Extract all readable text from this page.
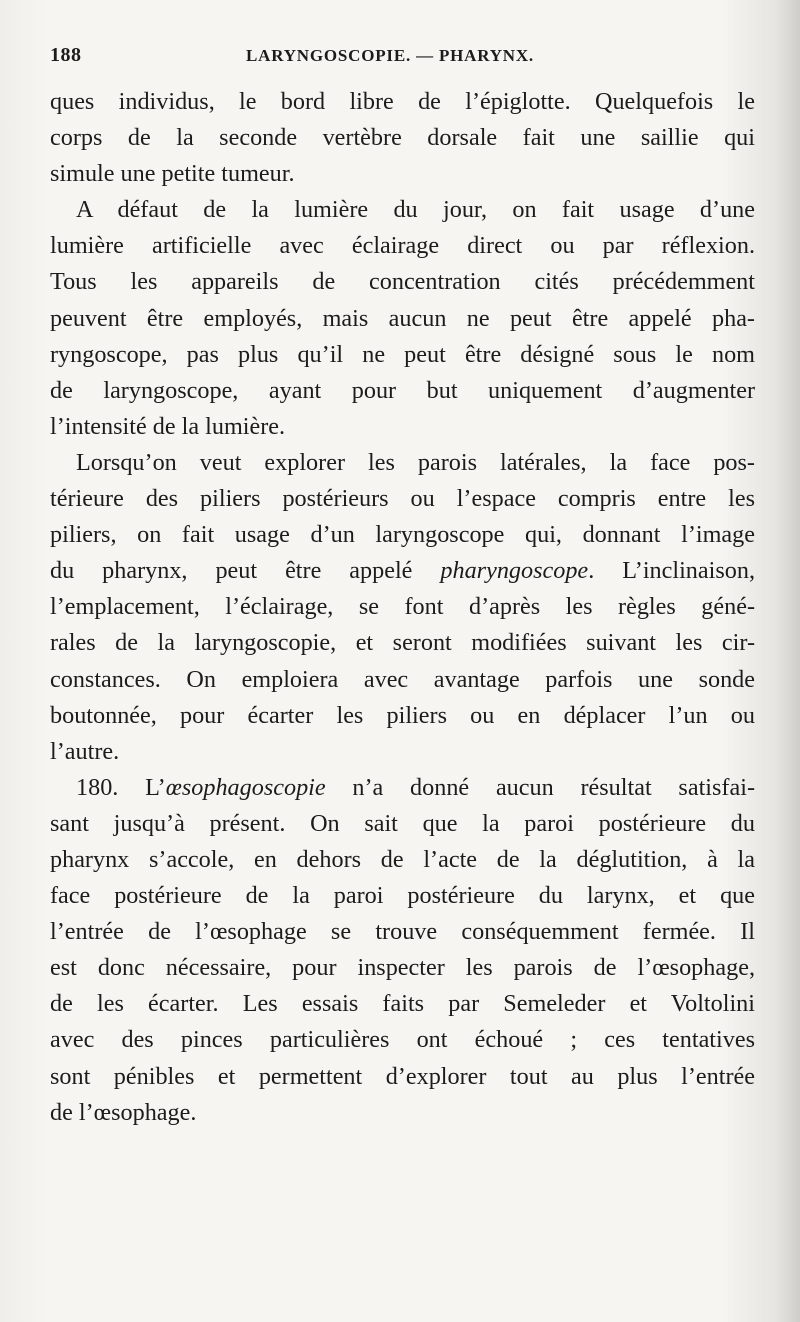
188	LARYNGOSCOPIE. — PHARYNX.
ques individus, le bord libre de l’épiglotte. Quelquefois le
corps de la seconde vertèbre dorsale fait une saillie qui
simule une petite tumeur.
A défaut de la lumière du jour, on fait usage d’une
lumière artificielle avec éclairage direct ou par réflexion.
Tous les appareils de concentration cités précédemment
peuvent être employés, mais aucun ne peut être appelé pha-
ryngoscope, pas plus qu’il ne peut être désigné sous le nom
de laryngoscope, ayant pour but uniquement d’augmenter
l’intensité de la lumière.
Lorsqu’on veut explorer les parois latérales, la face pos-
térieure des piliers postérieurs ou l’espace compris entre les
piliers, on fait usage d’un laryngoscope qui, donnant l’image
du pharynx, peut être appelé pharyngoscope. L’inclinaison,
l’emplacement, l’éclairage, se font d’après les règles géné-
rales de la laryngoscopie, et seront modifiées suivant les cir-
constances. On emploiera avec avantage parfois une sonde
boutonnée, pour écarter les piliers ou en déplacer l’un ou
l’autre.
180. L’œsophagoscopie n’a donné aucun résultat satisfai-
sant jusqu’à présent. On sait que la paroi postérieure du
pharynx s’accole, en dehors de l’acte de la déglutition, à la
face postérieure de la paroi postérieure du larynx, et que
l’entrée de l’œsophage se trouve conséquemment fermée. Il
est donc nécessaire, pour inspecter les parois de l’œsophage,
de les écarter. Les essais faits par Semeleder et Voltolini
avec des pinces particulières ont échoué ; ces tentatives
sont pénibles et permettent d’explorer tout au plus l’entrée
de l’œsophage.
